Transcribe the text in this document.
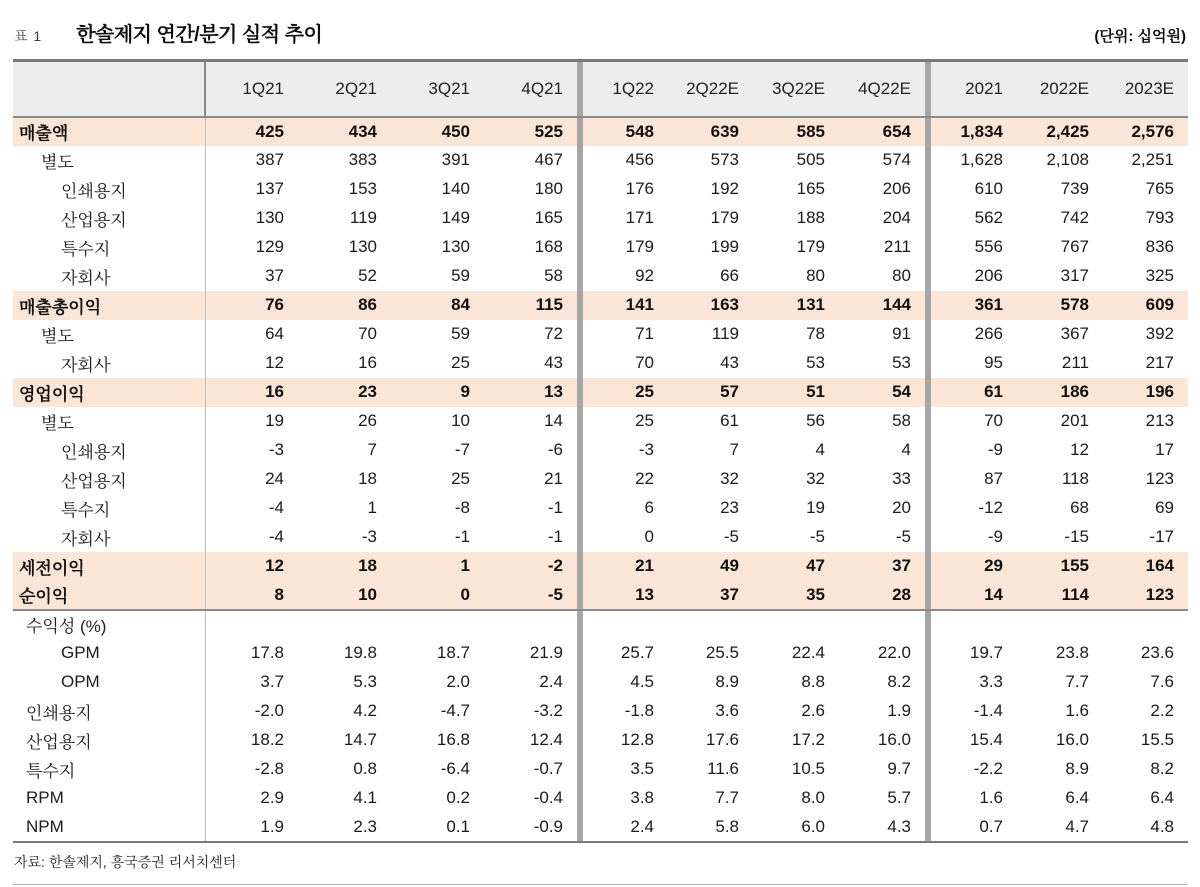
표 1 한솔제지 연간/분기 실적 추이	(단위: 십억원)
	1Q21	2Q21	3Q21	4Q21		1Q22	2Q22E	3Q22E	4Q22E		2021	2022E	2023E
매출액	425	434	450	525		548	639	585	654		1,834	2,425	2,576
별도	387	383	391	467		456	573	505	574		1,628	2,108	2,251
인쇄용지	137	153	140	180		176	192	165	206		610	739	765
산업용지	130	119	149	165		171	179	188	204		562	742	793
특수지	129	130	130	168		179	199	179	211		556	767	836
자회사	37	52	59	58		92	66	80	80		206	317	325
매출총이익	76	86	84	115		141	163	131	144		361	578	609
별도	64	70	59	72		71	119	78	91		266	367	392
자회사	12	16	25	43		70	43	53	53		95	211	217
영업이익	16	23	9	13		25	57	51	54		61	186	196
별도	19	26	10	14		25	61	56	58		70	201	213
인쇄용지	-3	7	-7	-6		-3	7	4	4		-9	12	17
산업용지	24	18	25	21		22	32	32	33		87	118	123
특수지	-4	1	-8	-1		6	23	19	20		-12	68	69
자회사	-4	-3	-1	-1		0	-5	-5	-5		-9	-15	-17
세전이익	12	18	1	-2		21	49	47	37		29	155	164
순이익	8	10	0	-5		13	37	35	28		14	114	123
수익성 (%)													
GPM	17.8	19.8	18.7	21.9		25.7	25.5	22.4	22.0		19.7	23.8	23.6
OPM	3.7	5.3	2.0	2.4		4.5	8.9	8.8	8.2		3.3	7.7	7.6
인쇄용지	-2.0	4.2	-4.7	-3.2		-1.8	3.6	2.6	1.9		-1.4	1.6	2.2
산업용지	18.2	14.7	16.8	12.4		12.8	17.6	17.2	16.0		15.4	16.0	15.5
특수지	-2.8	0.8	-6.4	-0.7		3.5	11.6	10.5	9.7		-2.2	8.9	8.2
RPM	2.9	4.1	0.2	-0.4		3.8	7.7	8.0	5.7		1.6	6.4	6.4
NPM	1.9	2.3	0.1	-0.9		2.4	5.8	6.0	4.3		0.7	4.7	4.8
자료: 한솔제지, 흥국증권 리서치센터
